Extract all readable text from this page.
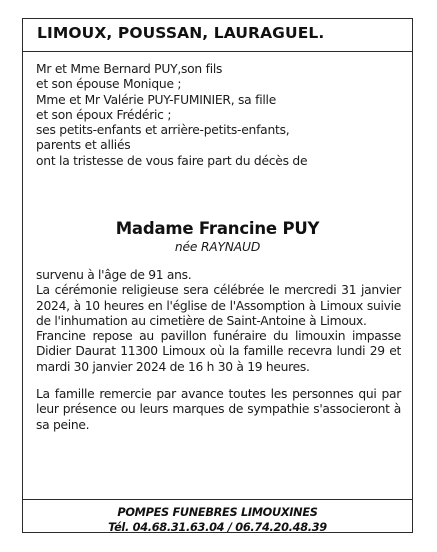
LIMOUX, POUSSAN, LAURAGUEL.
Mr et Mme Bernard PUY,son fils
et son épouse Monique ;
Mme et Mr Valérie PUY-FUMINIER, sa fille
et son époux Frédéric ;
ses petits-enfants et arrière-petits-enfants,
parents et alliés
ont la tristesse de vous faire part du décès de
Madame Francine PUY
née RAYNAUD

survenu à l'âge de 91 ans.

La cérémonie religieuse sera célébrée le mercredi 31 janvier 2024, à 10 heures en l'église de l'Assomption à Limoux suivie de l'inhumation au cimetière de Saint-Antoine à Limoux.

Francine repose au pavillon funéraire du limouxin impasse Didier Daurat 11300 Limoux où la famille recevra lundi 29 et mardi 30 janvier 2024 de 16 h 30 à 19 heures.

La famille remercie par avance toutes les personnes qui par leur présence ou leurs marques de sympathie s'associeront à sa peine.

POMPES FUNEBRES LIMOUXINES
Tél. 04.68.31.63.04 / 06.74.20.48.39
